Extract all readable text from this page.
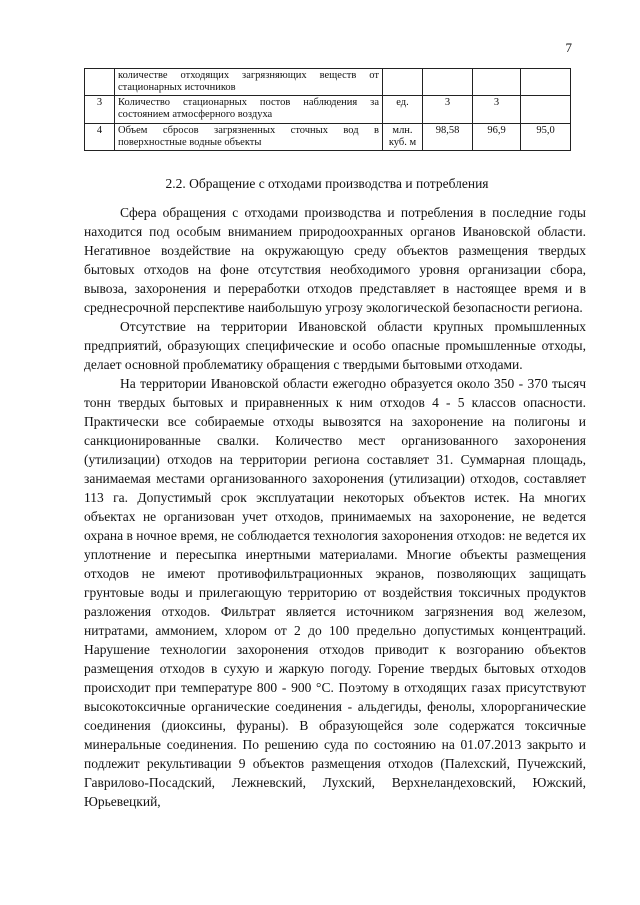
7
	количестве отходящих загрязняющих веществ от стационарных источников				
3	Количество стационарных постов наблюдения за состоянием атмосферного воздуха	ед.	3	3	
4	Объем сбросов загрязненных сточных вод в поверхностные водные объекты	млн. куб. м	98,58	96,9	95,0
2.2. Обращение с отходами производства и потребления

Сфера обращения с отходами производства и потребления в последние годы находится под особым вниманием природоохранных органов Ивановской области. Негативное воздействие на окружающую среду объектов размещения твердых бытовых отходов на фоне отсутствия необходимого уровня организации сбора, вывоза, захоронения и переработки отходов представляет в настоящее время и в среднесрочной перспективе наибольшую угрозу экологической безопасности региона.

Отсутствие на территории Ивановской области крупных промышленных предприятий, образующих специфические и особо опасные промышленные отходы, делает основной проблематику обращения с твердыми бытовыми отходами.

На территории Ивановской области ежегодно образуется около 350 - 370 тысяч тонн твердых бытовых и приравненных к ним отходов 4 - 5 классов опасности. Практически все собираемые отходы вывозятся на захоронение на полигоны и санкционированные свалки. Количество мест организованного захоронения (утилизации) отходов на территории региона составляет 31. Суммарная площадь, занимаемая местами организованного захоронения (утилизации) отходов, составляет 113 га. Допустимый срок эксплуатации некоторых объектов истек. На многих объектах не организован учет отходов, принимаемых на захоронение, не ведется охрана в ночное время, не соблюдается технология захоронения отходов: не ведется их уплотнение и пересыпка инертными материалами. Многие объекты размещения отходов не имеют противофильтрационных экранов, позволяющих защищать грунтовые воды и прилегающую территорию от воздействия токсичных продуктов разложения отходов. Фильтрат является источником загрязнения вод железом, нитратами, аммонием, хлором от 2 до 100 предельно допустимых концентраций. Нарушение технологии захоронения отходов приводит к возгоранию объектов размещения отходов в сухую и жаркую погоду. Горение твердых бытовых отходов происходит при температуре 800 - 900 °С. Поэтому в отходящих газах присутствуют высокотоксичные органические соединения - альдегиды, фенолы, хлорорганические соединения (диоксины, фураны). В образующейся золе содержатся токсичные минеральные соединения. По решению суда по состоянию на 01.07.2013 закрыто и подлежит рекультивации 9 объектов размещения отходов (Палехский, Пучежский, Гаврилово-Посадский, Лежневский, Лухский, Верхнеландеховский, Южский, Юрьевецкий,
